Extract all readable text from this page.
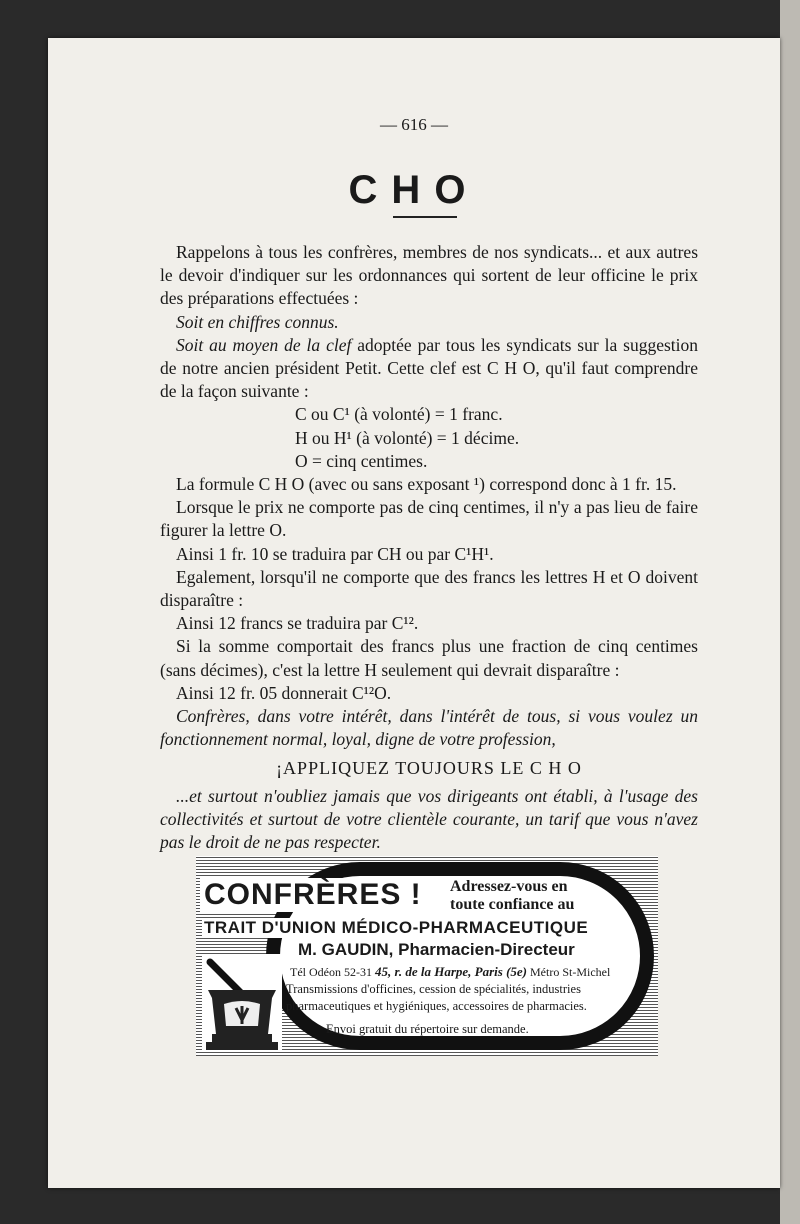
— 616 —
CHO

Rappelons à tous les confrères, membres de nos syndicats... et aux autres le devoir d'indiquer sur les ordonnances qui sortent de leur officine le prix des préparations effectuées :

Soit en chiffres connus.

Soit au moyen de la clef adoptée par tous les syndicats sur la suggestion de notre ancien président Petit. Cette clef est C H O, qu'il faut comprendre de la façon suivante :

C ou C¹ (à volonté) = 1 franc.

H ou H¹ (à volonté) = 1 décime.

O = cinq centimes.

La formule C H O (avec ou sans exposant ¹) correspond donc à 1 fr. 15.

Lorsque le prix ne comporte pas de cinq centimes, il n'y a pas lieu de faire figurer la lettre O.

Ainsi 1 fr. 10 se traduira par CH ou par C¹H¹.

Egalement, lorsqu'il ne comporte que des francs les lettres H et O doivent disparaître :

Ainsi 12 francs se traduira par C¹².

Si la somme comportait des francs plus une fraction de cinq centimes (sans décimes), c'est la lettre H seulement qui devrait disparaître :

Ainsi 12 fr. 05 donnerait C¹²O.

Confrères, dans votre intérêt, dans l'intérêt de tous, si vous voulez un fonctionnement normal, loyal, digne de votre profession,

¡APPLIQUEZ TOUJOURS LE C H O

...et surtout n'oubliez jamais que vos dirigeants ont établi, à l'usage des collectivités et surtout de votre clientèle courante, un tarif que vous n'avez pas le droit de ne pas respecter.

CONFRÈRES ! Adressez-vous en
toute confiance au
TRAIT D'UNION MÉDICO-PHARMACEUTIQUE
M. GAUDIN, Pharmacien-Directeur
Tél Odéon 52-31 45, r. de la Harpe, Paris (5e) Métro St-Michel
Transmissions d'officines, cession de spécialités, industries
pharmaceutiques et hygiéniques, accessoires de pharmacies.
Envoi gratuit du répertoire sur demande.
